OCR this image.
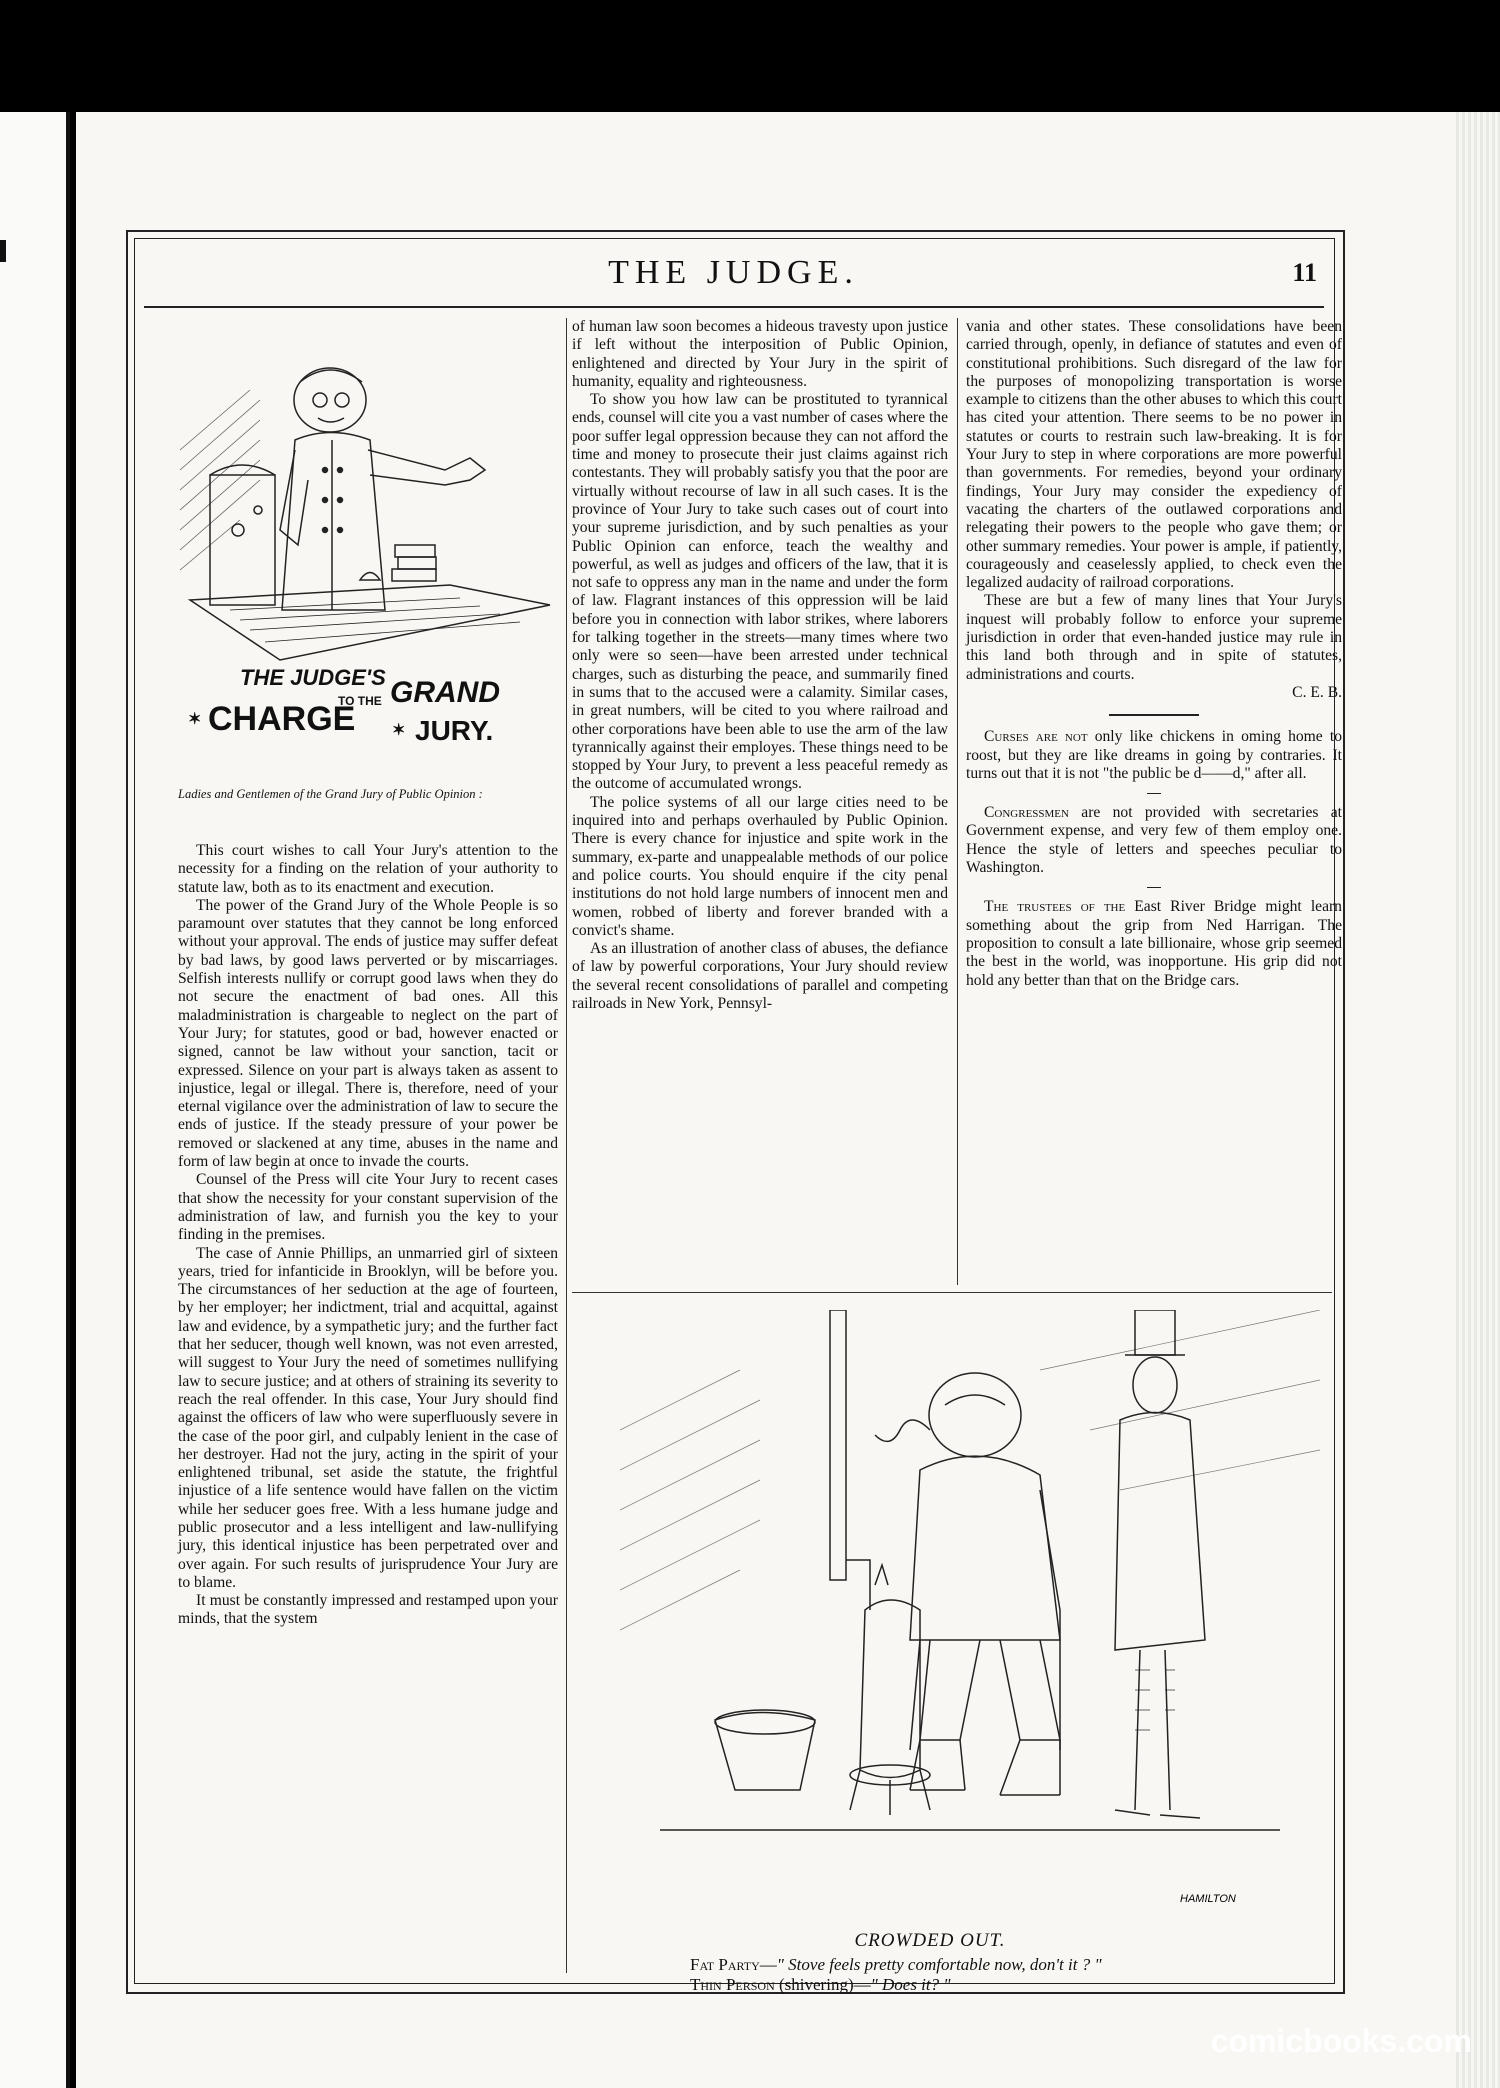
THE JUDGE.	11
THE JUDGE'S
✶ CHARGE
TO THE GRAND
✶ JURY.
Ladies and Gentlemen of the Grand Jury of Public Opinion :

This court wishes to call Your Jury's attention to the necessity for a finding on the relation of your authority to statute law, both as to its enactment and execution.

The power of the Grand Jury of the Whole People is so paramount over statutes that they cannot be long enforced without your approval. The ends of justice may suffer defeat by bad laws, by good laws perverted or by miscarriages. Selfish interests nullify or corrupt good laws when they do not secure the enactment of bad ones. All this maladministration is chargeable to neglect on the part of Your Jury; for statutes, good or bad, however enacted or signed, cannot be law without your sanction, tacit or expressed. Silence on your part is always taken as assent to injustice, legal or illegal. There is, therefore, need of your eternal vigilance over the administration of law to secure the ends of justice. If the steady pressure of your power be removed or slackened at any time, abuses in the name and form of law begin at once to invade the courts.

Counsel of the Press will cite Your Jury to recent cases that show the necessity for your constant supervision of the administration of law, and furnish you the key to your finding in the premises.

The case of Annie Phillips, an unmarried girl of sixteen years, tried for infanticide in Brooklyn, will be before you. The circumstances of her seduction at the age of fourteen, by her employer; her indictment, trial and acquittal, against law and evidence, by a sympathetic jury; and the further fact that her seducer, though well known, was not even arrested, will suggest to Your Jury the need of sometimes nullifying law to secure justice; and at others of straining its severity to reach the real offender. In this case, Your Jury should find against the officers of law who were superfluously severe in the case of the poor girl, and culpably lenient in the case of her destroyer. Had not the jury, acting in the spirit of your enlightened tribunal, set aside the statute, the frightful injustice of a life sentence would have fallen on the victim while her seducer goes free. With a less humane judge and public prosecutor and a less intelligent and law-nullifying jury, this identical injustice has been perpetrated over and over again. For such results of jurisprudence Your Jury are to blame.

It must be constantly impressed and restamped upon your minds, that the system

of human law soon becomes a hideous travesty upon justice if left without the interposition of Public Opinion, enlightened and directed by Your Jury in the spirit of humanity, equality and righteousness.

To show you how law can be prostituted to tyrannical ends, counsel will cite you a vast number of cases where the poor suffer legal oppression because they can not afford the time and money to prosecute their just claims against rich contestants. They will probably satisfy you that the poor are virtually without recourse of law in all such cases. It is the province of Your Jury to take such cases out of court into your supreme jurisdiction, and by such penalties as your Public Opinion can enforce, teach the wealthy and powerful, as well as judges and officers of the law, that it is not safe to oppress any man in the name and under the form of law. Flagrant instances of this oppression will be laid before you in connection with labor strikes, where laborers for talking together in the streets—many times where two only were so seen—have been arrested under technical charges, such as disturbing the peace, and summarily fined in sums that to the accused were a calamity. Similar cases, in great numbers, will be cited to you where railroad and other corporations have been able to use the arm of the law tyrannically against their employes. These things need to be stopped by Your Jury, to prevent a less peaceful remedy as the outcome of accumulated wrongs.

The police systems of all our large cities need to be inquired into and perhaps overhauled by Public Opinion. There is every chance for injustice and spite work in the summary, ex-parte and unappealable methods of our police and police courts. You should enquire if the city penal institutions do not hold large numbers of innocent men and women, robbed of liberty and forever branded with a convict's shame.

As an illustration of another class of abuses, the defiance of law by powerful corporations, Your Jury should review the several recent consolidations of parallel and competing railroads in New York, Pennsyl-

vania and other states. These consolidations have been carried through, openly, in defiance of statutes and even of constitutional prohibitions. Such disregard of the law for the purposes of monopolizing transportation is worse example to citizens than the other abuses to which this court has cited your attention. There seems to be no power in statutes or courts to restrain such law-breaking. It is for Your Jury to step in where corporations are more powerful than governments. For remedies, beyond your ordinary findings, Your Jury may consider the expediency of vacating the charters of the outlawed corporations and relegating their powers to the people who gave them; or other summary remedies. Your power is ample, if patiently, courageously and ceaselessly applied, to check even the legalized audacity of railroad corporations.

These are but a few of many lines that Your Jury's inquest will probably follow to enforce your supreme jurisdiction in order that even-handed justice may rule in this land both through and in spite of statutes, administrations and courts.

C. E. B.

Curses are not only like chickens in oming home to roost, but they are like dreams in going by contraries. It turns out that it is not "the public be d——d," after all.

Congressmen are not provided with secretaries at Government expense, and very few of them employ one. Hence the style of letters and speeches peculiar to Washington.

The trustees of the East River Bridge might learn something about the grip from Ned Harrigan. The proposition to consult a late billionaire, whose grip seemed the best in the world, was inopportune. His grip did not hold any better than that on the Bridge cars.

HAMILTON
CROWDED OUT.
Fat Party—" Stove feels pretty comfortable now, don't it ? "
Thin Person (shivering)—" Does it? "
comicbooks.com
